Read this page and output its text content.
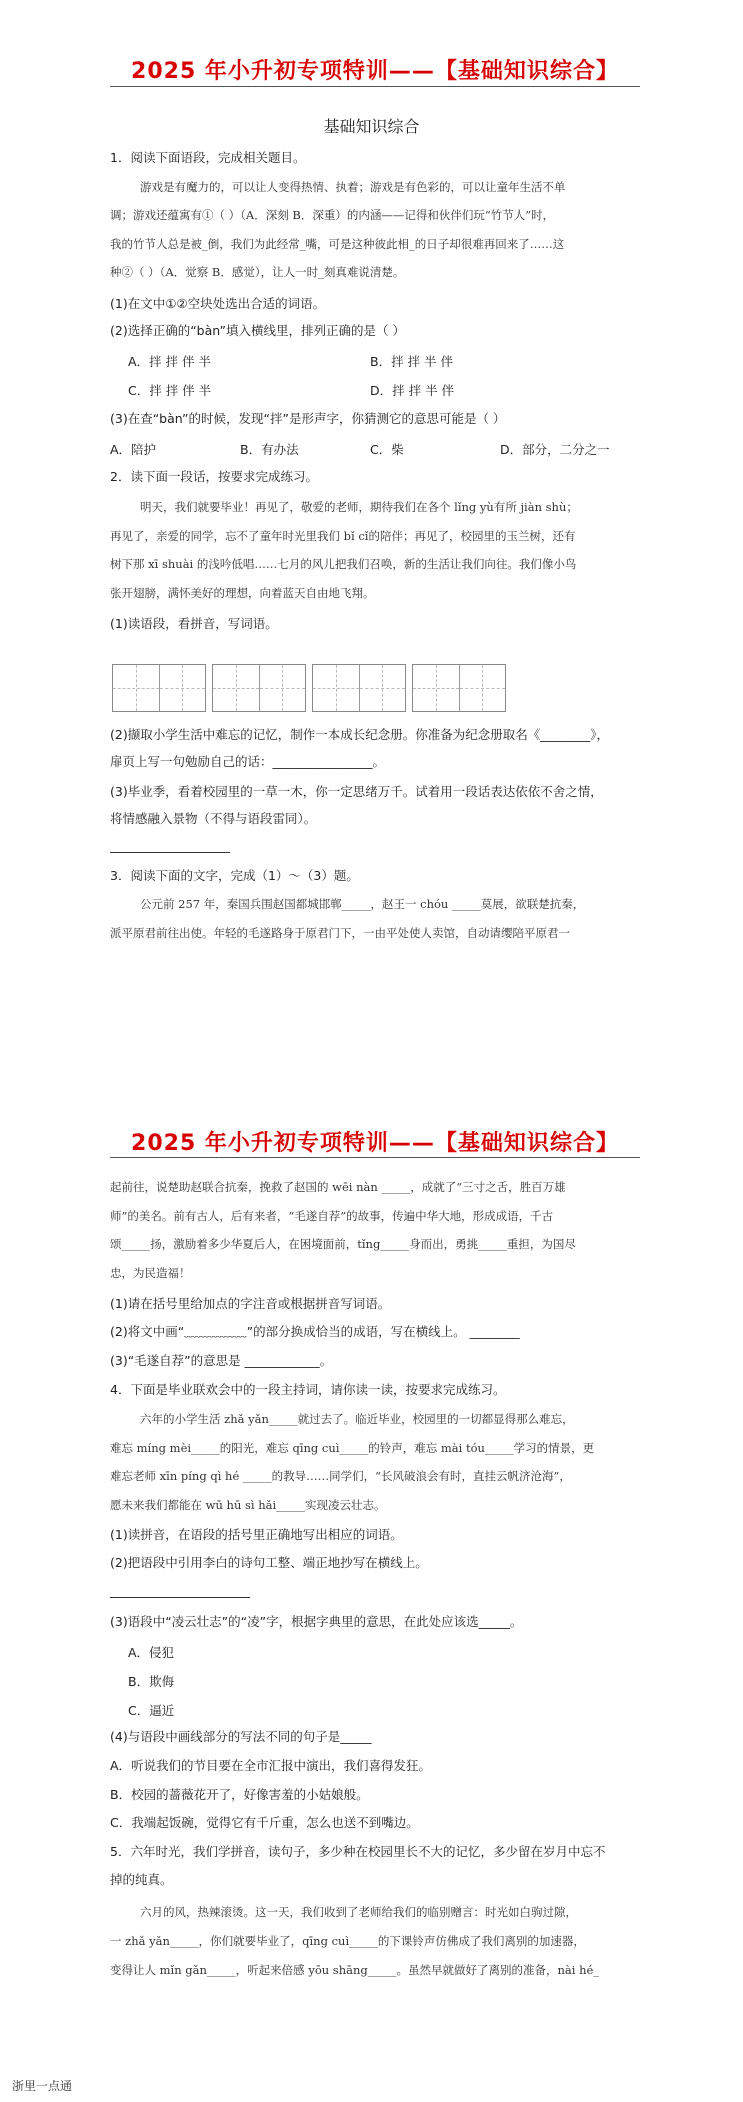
2025 年小升初专项特训——【基础知识综合】
基础知识综合
1．阅读下面语段，完成相关题目。
游戏是有魔力的，可以让人变得热情、执着；游戏是有色彩的，可以让童年生活不单
调；游戏还蕴寓有①（ ）（A．深刻 B．深重）的内涵——记得和伙伴们玩“竹节人”时，
我的竹节人总是被_倒，我们为此经常_嘴，可是这种彼此相_的日子却很难再回来了……这
种②（ ）（A．觉察 B．感觉），让人一时_刻真难说清楚。
(1)在文中①②空块处选出合适的词语。
(2)选择正确的“bàn”填入横线里，排列正确的是（ ）
A．拌 拌 伴 半	B．拌 拌 半 伴
C．拌 拌 伴 半	D．拌 拌 半 伴
(3)在查“bàn”的时候，发现“拌”是形声字，你猜测它的意思可能是（ ）
A．陪护	B．有办法	C．柴	D．部分，二分之一
2．读下面一段话，按要求完成练习。
明天，我们就要毕业！再见了，敬爱的老师，期待我们在各个 lǐng yù有所 jiàn shù；
再见了，亲爱的同学，忘不了童年时光里我们 bǐ cǐ的陪伴；再见了，校园里的玉兰树，还有
树下那 xī shuài 的浅吟低唱……七月的风儿把我们召唤，新的生活让我们向往。我们像小鸟
张开翅膀，满怀美好的理想，向着蓝天自由地飞翔。
(1)读语段，看拼音，写词语。
(2)撷取小学生活中难忘的记忆，制作一本成长纪念册。你准备为纪念册取名《________》，
扉页上写一句勉励自己的话：________________。
(3)毕业季，看着校园里的一草一木，你一定思绪万千。试着用一段话表达依依不舍之情，
将情感融入景物（不得与语段雷同）。
3．阅读下面的文字，完成（1）～（3）题。
公元前 257 年，秦国兵围赵国都城邯郸_____，赵王一 chóu _____莫展，欲联楚抗秦，
派平原君前往出使。年轻的毛遂路身于原君门下，一由平处使人卖馆，自动请缨陪平原君一
2025 年小升初专项特训——【基础知识综合】
起前往，说楚助赵联合抗秦，挽救了赵国的 wēi nàn _____，成就了“三寸之舌，胜百万雄
师”的美名。前有古人，后有来者，“毛遂自荐”的故事，传遍中华大地，形成成语，千古
颂_____扬，激励着多少华夏后人，在困境面前，tǐng_____身而出，勇挑_____重担，为国尽
忠，为民造福！
(1)请在括号里给加点的字注音或根据拼音写词语。
(2)将文中画“﹏﹏﹏﹏﹏”的部分换成恰当的成语，写在横线上。 ________
(3)“毛遂自荐”的意思是 ____________。
4．下面是毕业联欢会中的一段主持词，请你读一读，按要求完成练习。
六年的小学生活 zhǎ yǎn_____就过去了。临近毕业，校园里的一切都显得那么难忘，
难忘 míng mèi_____的阳光，难忘 qīng cuì_____的铃声，难忘 mài tóu_____学习的情景，更
难忘老师 xīn píng qì hé _____的教导……同学们，“长风破浪会有时，直挂云帆济沧海”，
愿未来我们都能在 wū hū sì hǎi_____实现凌云壮志。
(1)读拼音，在语段的括号里正确地写出相应的词语。
(2)把语段中引用李白的诗句工整、端正地抄写在横线上。
(3)语段中“凌云壮志”的“凌”字，根据字典里的意思，在此处应该选_____。
A．侵犯
B．欺侮
C．逼近
(4)与语段中画线部分的写法不同的句子是_____
A．听说我们的节目要在全市汇报中演出，我们喜得发狂。
B．校园的蔷薇花开了，好像害羞的小姑娘般。
C．我端起饭碗，觉得它有千斤重，怎么也送不到嘴边。
5．六年时光，我们学拼音，读句子，多少种在校园里长不大的记忆，多少留在岁月中忘不
掉的纯真。
六月的风，热辣滚烫。这一天，我们收到了老师给我们的临别赠言：时光如白驹过隙，
一 zhǎ yǎn_____，你们就要毕业了，qīng cuì_____的下课铃声仿佛成了我们离别的加速器，
变得让人 mǐn gǎn_____，听起来倍感 yōu shāng_____。虽然早就做好了离别的准备，nài hé_
浙里一点通
